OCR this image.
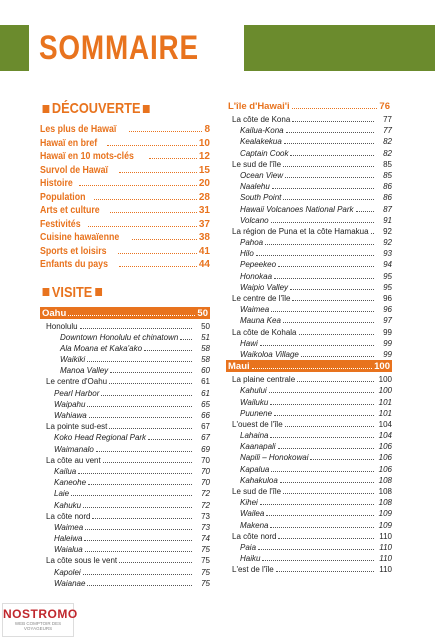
SOMMAIRE
DÉCOUVERTE
Les plus de Hawaï	8
Hawaï en bref	10
Hawaï en 10 mots-clés	12
Survol de Hawaï	15
Histoire	20
Population	28
Arts et culture	31
Festivités	37
Cuisine hawaïenne	38
Sports et loisirs	41
Enfants du pays	44
VISITE
Oahu	50
Honolulu	50
Downtown Honolulu et chinatown	51
Ala Moana et Kaka'ako	58
Waikiki	58
Manoa Valley	60
Le centre d'Oahu	61
Pearl Harbor	61
Waipahu	65
Wahiawa	66
La pointe sud-est	67
Koko Head Regional Park	67
Waimanalo	69
La côte au vent	70
Kailua	70
Kaneohe	70
Laie	72
Kahuku	72
La côte nord	73
Waimea	73
Haleiwa	74
Waialua	75
La côte sous le vent	75
Kapolei	75
Waianae	75
L'île d'Hawai'i	76
La côte de Kona	77
Kailua-Kona	77
Kealakekua	82
Captain Cook	82
Le sud de l'île	85
Ocean View	85
Naalehu	86
South Point	86
Hawaii Volcanoes National Park	87
Volcano	91
La région de Puna et la côte Hamakua	92
Pahoa	92
Hilo	93
Pepeekeo	94
Honokaa	95
Waipio Valley	95
Le centre de l'île	96
Waimea	96
Mauna Kea	97
La côte de Kohala	99
Hawi	99
Waikoloa Village	99
Maui	100
La plaine centrale	100
Kahului	100
Wailuku	101
Puunene	101
L'ouest de l'île	104
Lahaina	104
Kaanapali	106
Napili – Honokowai	106
Kapalua	106
Kahakuloa	108
Le sud de l'île	108
Kihei	108
Wailea	109
Makena	109
La côte nord	110
Paia	110
Haiku	110
L'est de l'île	110
NOSTROMO
WEB COMPTOIR DES VOYAGEURS
